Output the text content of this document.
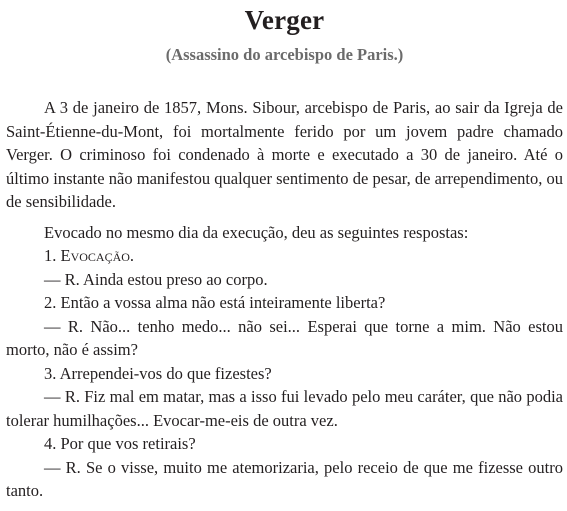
Verger
(Assassino do arcebispo de Paris.)

A 3 de janeiro de 1857, Mons. Sibour, arcebispo de Paris, ao sair da Igreja de Saint-Étienne-du-Mont, foi mortalmente ferido por um jovem padre chamado Verger. O criminoso foi condenado à morte e executado a 30 de janeiro. Até o último instante não manifestou qualquer sentimento de pesar, de arrependimento, ou de sensibilidade.

Evocado no mesmo dia da execução, deu as seguintes respostas:

1. Evocação.

— R. Ainda estou preso ao corpo.

2. Então a vossa alma não está inteiramente liberta?

— R. Não... tenho medo... não sei... Esperai que torne a mim. Não estou morto, não é assim?

3. Arrependei-vos do que fizestes?

— R. Fiz mal em matar, mas a isso fui levado pelo meu caráter, que não podia tolerar humilhações... Evocar-me-eis de outra vez.

4. Por que vos retirais?

— R. Se o visse, muito me atemorizaria, pelo receio de que me fizesse outro tanto.
